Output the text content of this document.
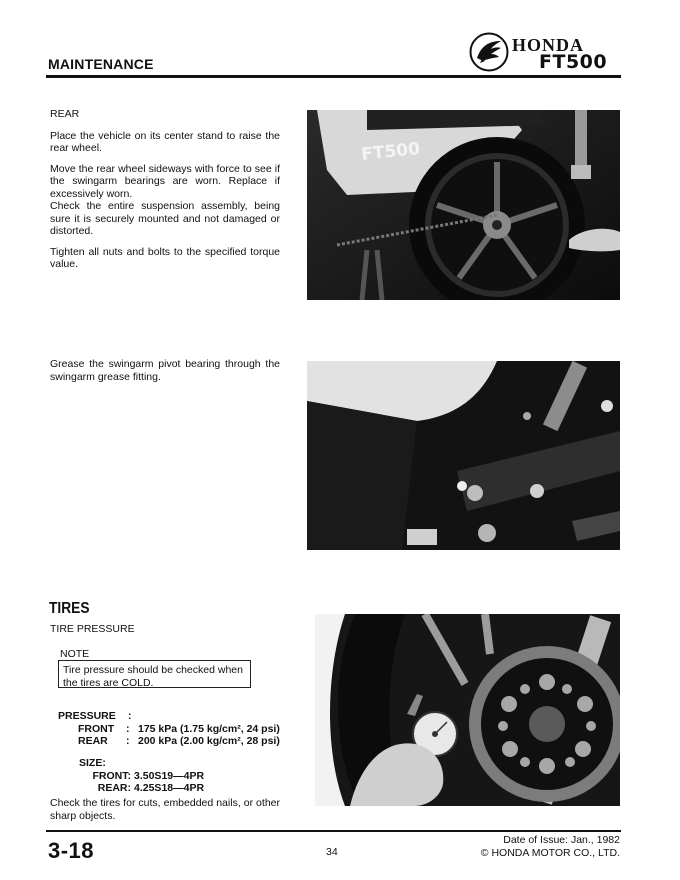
MAINTENANCE
HONDA
FT500
REAR

Place the vehicle on its center stand to raise the rear wheel.

Move the rear wheel sideways with force to see if the swingarm bearings are worn. Replace if excessively worn.

Check the entire suspension assembly, being sure it is securely mounted and not damaged or distorted.

Tighten all nuts and bolts to the specified torque value.

Grease the swingarm pivot bearing through the swingarm grease fitting.
FT500
TIRES
TIRE PRESSURE
NOTE
Tire pressure should be checked when the tires are COLD.
PRESSURE :
FRONT : 175 kPa (1.75 kg/cm², 24 psi)
REAR : 200 kPa (2.00 kg/cm², 28 psi)
SIZE:
FRONT: 3.50S19—4PR
REAR: 4.25S18—4PR
Check the tires for cuts, embedded nails, or other sharp objects.
3-18	34
Date of Issue: Jan., 1982
© HONDA MOTOR CO., LTD.
